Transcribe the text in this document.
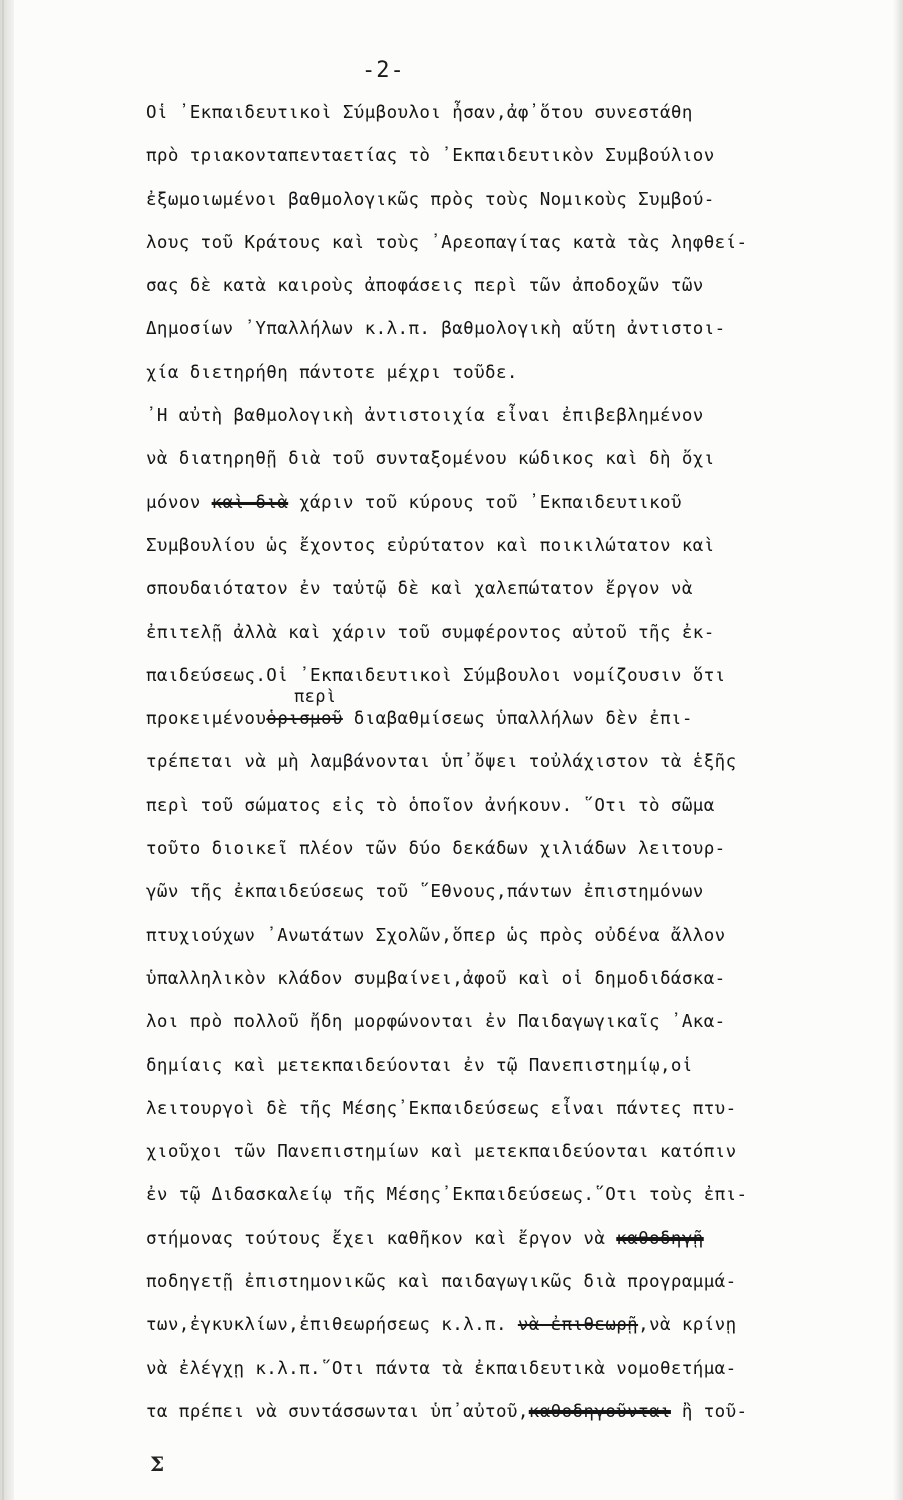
-2-
Οἱ ᾽Εκπαιδευτικοὶ Σύμβουλοι ἦσαν,ἀφ᾽ὅτου συνεστάθη
πρὸ τριακονταπενταετίας τὸ ᾽Εκπαιδευτικὸν Συμβούλιον
ἐξωμοιωμένοι βαθμολογικῶς πρὸς τοὺς Νομικοὺς Συμβού-
λους τοῦ Κράτους καὶ τοὺς ᾽Αρεοπαγίτας κατὰ τὰς ληφθεί-
σας δὲ κατὰ καιροὺς ἀποφάσεις περὶ τῶν ἀποδοχῶν τῶν
Δημοσίων ᾽Υπαλλήλων κ.λ.π. βαθμολογικὴ αὕτη ἀντιστοι-
χία διετηρήθη πάντοτε μέχρι τοῦδε.
᾽Η αὐτὴ βαθμολογικὴ ἀντιστοιχία εἶναι ἐπιβεβλημένον
νὰ διατηρηθῇ διὰ τοῦ συνταξομένου κώδικος καὶ δὴ ὄχι
μόνον καὶ διὰ χάριν τοῦ κύρους τοῦ ᾽Εκπαιδευτικοῦ
Συμβουλίου ὡς ἔχοντος εὐρύτατον καὶ ποικιλώτατον καὶ
σπουδαιότατον ἐν ταὐτῷ δὲ καὶ χαλεπώτατον ἔργον νὰ
ἐπιτελῇ ἀλλὰ καὶ χάριν τοῦ συμφέροντος αὐτοῦ τῆς ἐκ-
παιδεύσεως.Οἱ ᾽Εκπαιδευτικοὶ Σύμβουλοι νομίζουσιν ὅτι
περὶ
προκειμένουὁρισμοῦ διαβαθμίσεως ὑπαλλήλων δὲν ἐπι-
τρέπεται νὰ μὴ λαμβάνονται ὑπ᾽ὄψει τοὐλάχιστον τὰ ἑξῆς
περὶ τοῦ σώματος εἰς τὸ ὁποῖον ἀνήκουν. ῞Οτι τὸ σῶμα
τοῦτο διοικεῖ πλέον τῶν δύο δεκάδων χιλιάδων λειτουρ-
γῶν τῆς ἐκπαιδεύσεως τοῦ ῞Εθνους,πάντων ἐπιστημόνων
πτυχιούχων ᾽Ανωτάτων Σχολῶν,ὅπερ ὡς πρὸς οὐδένα ἄλλον
ὑπαλληλικὸν κλάδον συμβαίνει,ἀφοῦ καὶ οἱ δημοδιδάσκα-
λοι πρὸ πολλοῦ ἤδη μορφώνονται ἐν Παιδαγωγικαῖς ᾽Ακα-
δημίαις καὶ μετεκπαιδεύονται ἐν τῷ Πανεπιστημίῳ,οἱ
λειτουργοὶ δὲ τῆς Μέσης᾽Εκπαιδεύσεως εἶναι πάντες πτυ-
χιοῦχοι τῶν Πανεπιστημίων καὶ μετεκπαιδεύονται κατόπιν
ἐν τῷ Διδασκαλείῳ τῆς Μέσης᾽Εκπαιδεύσεως.῞Οτι τοὺς ἐπι-
στήμονας τούτους ἔχει καθῆκον καὶ ἔργον νὰ καθοδηγῇ
ποδηγετῇ ἐπιστημονικῶς καὶ παιδαγωγικῶς διὰ προγραμμά-
των,ἐγκυκλίων,ἐπιθεωρήσεως κ.λ.π. νὰ ἐπιθεωρῇ,νὰ κρίνῃ
νὰ ἐλέγχῃ κ.λ.π.῞Οτι πάντα τὰ ἐκπαιδευτικὰ νομοθετήμα-
τα πρέπει νὰ συντάσσωνται ὑπ᾽αὐτοῦ,καθοδηγοῦνται ἢ τοῦ-
Σ
